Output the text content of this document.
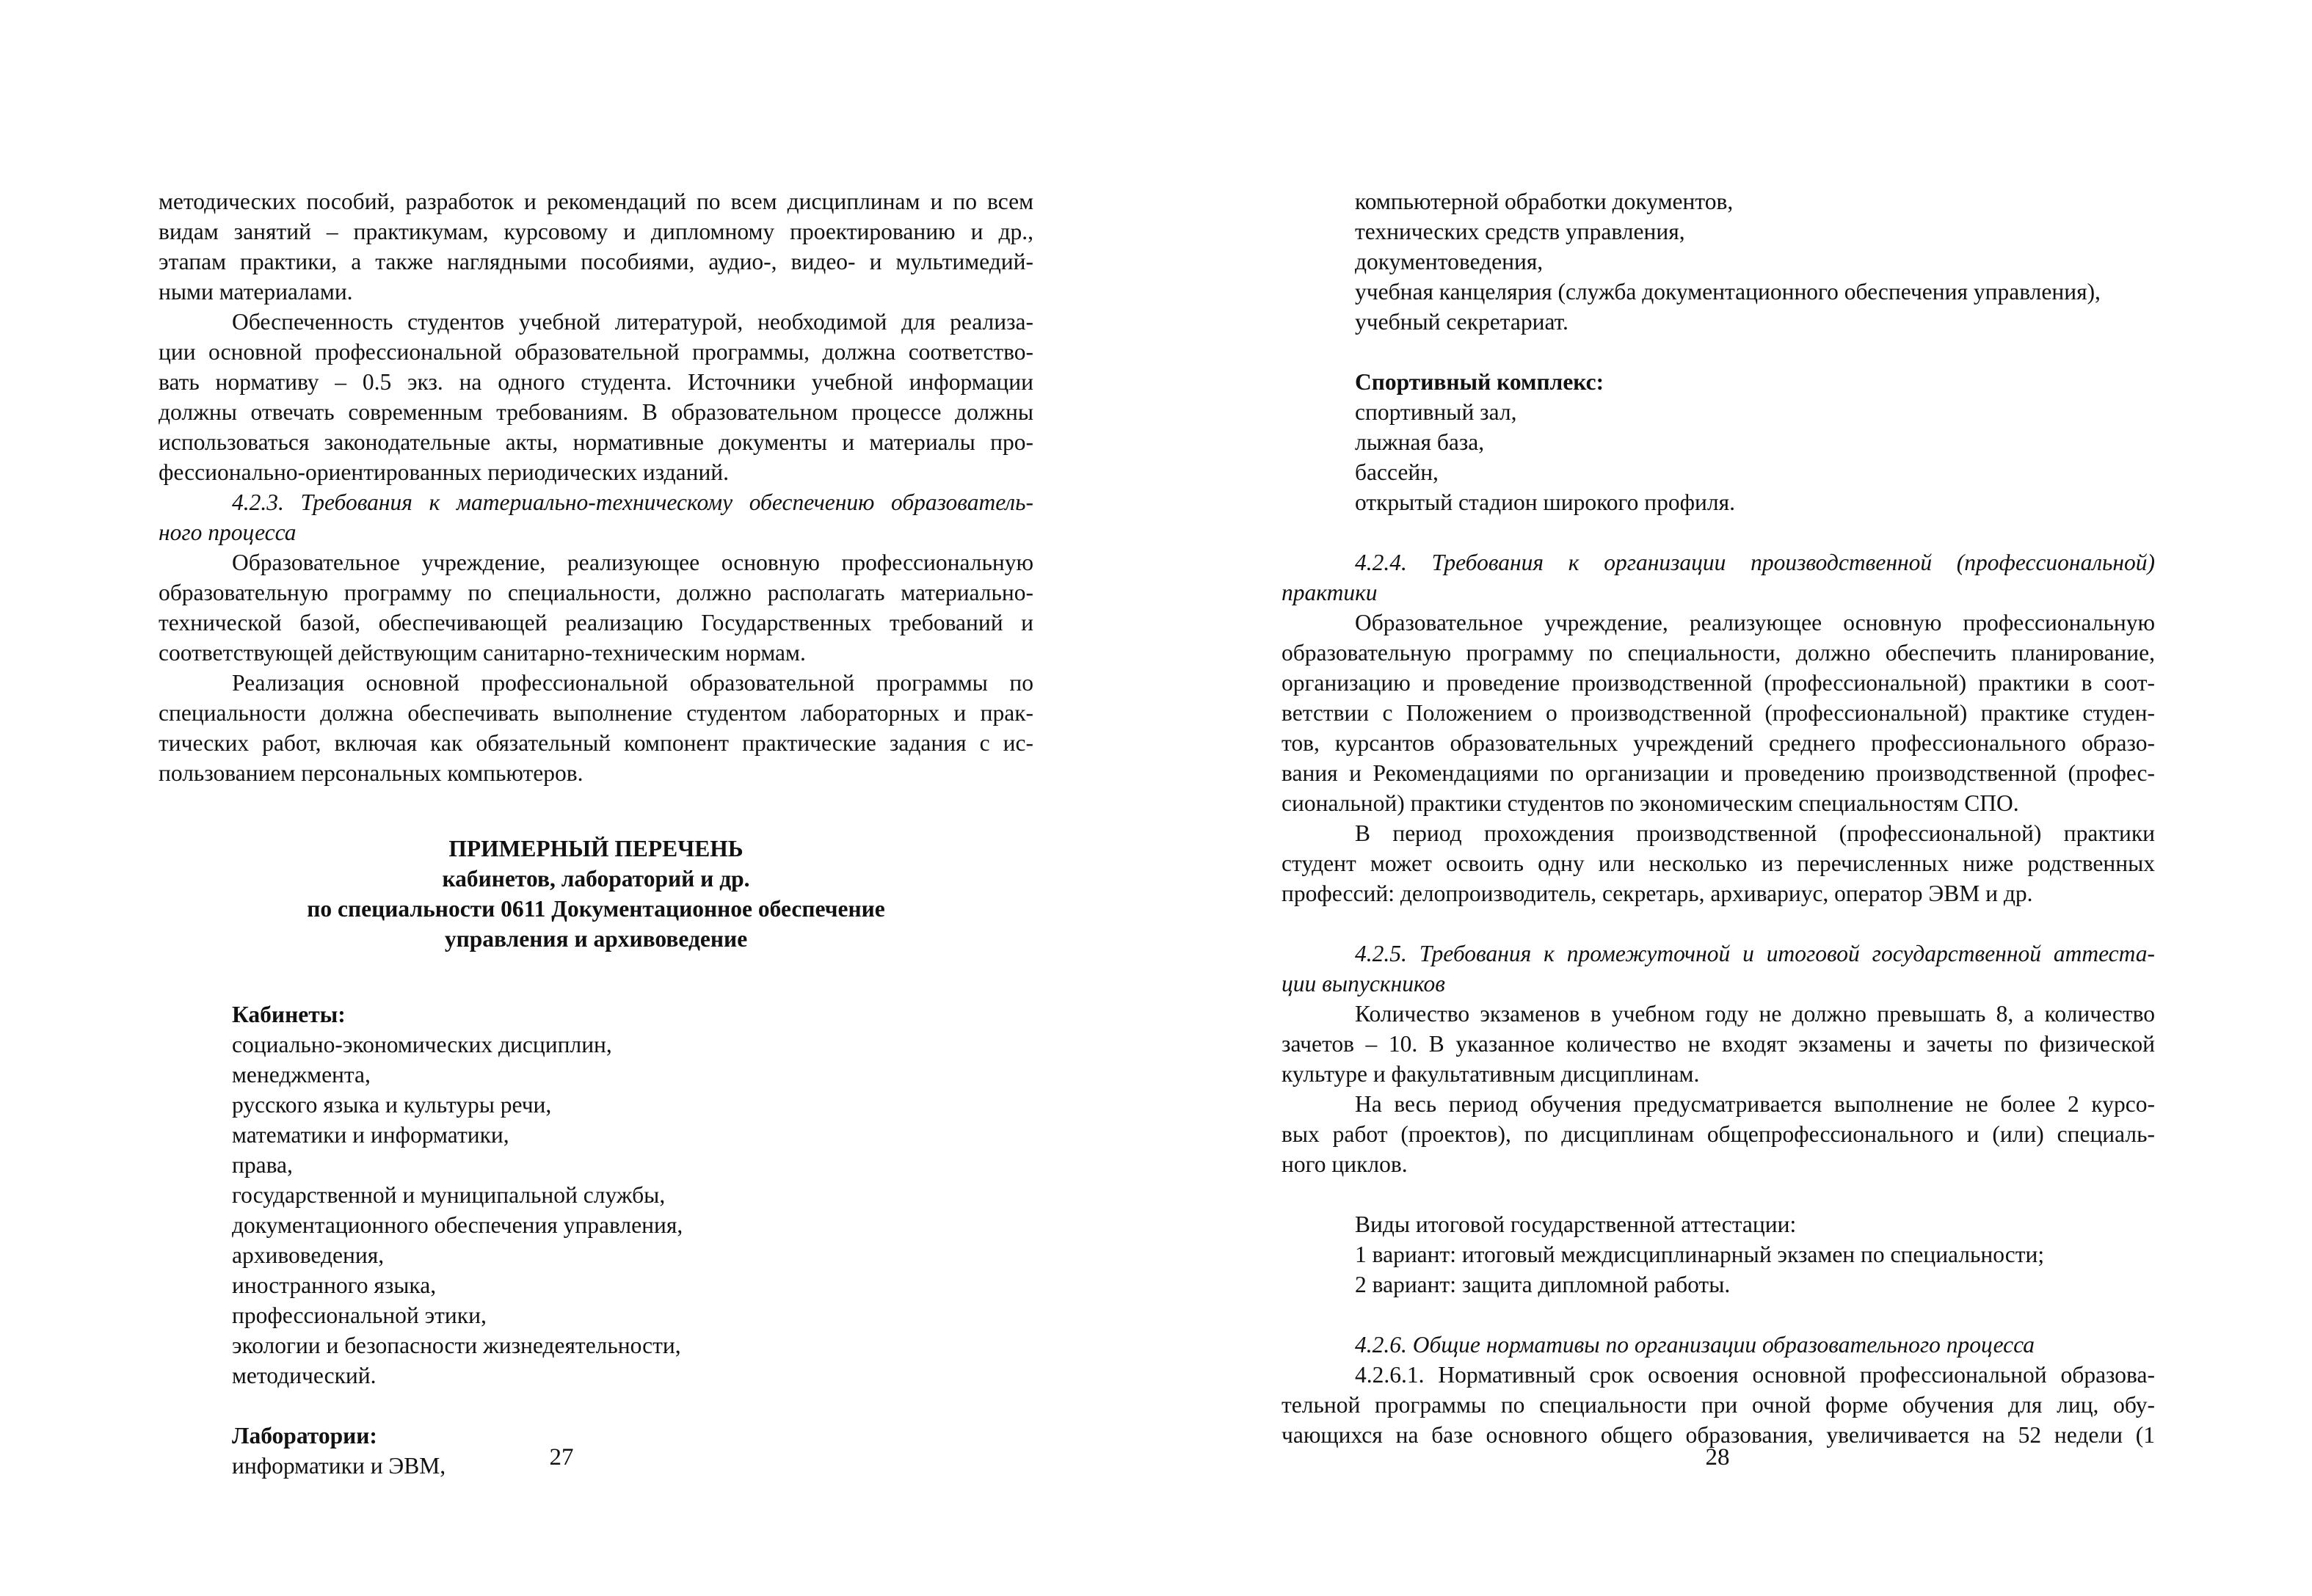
методических пособий, разработок и рекомендаций по всем дисциплинам и по всем

видам занятий – практикумам, курсовому и дипломному проектированию и др.,

этапам практики, а также наглядными пособиями, аудио-, видео- и мультимедий-

ными материалами.

Обеспеченность студентов учебной литературой, необходимой для реализа-

ции основной профессиональной образовательной программы, должна соответство-

вать нормативу – 0.5 экз. на одного студента. Источники учебной информации

должны отвечать современным требованиям. В образовательном процессе должны

использоваться законодательные акты, нормативные документы и материалы про-

фессионально-ориентированных периодических изданий.

4.2.3. Требования к материально-техническому обеспечению образователь-

ного процесса

Образовательное учреждение, реализующее основную профессиональную

образовательную программу по специальности, должно располагать материально-

технической базой, обеспечивающей реализацию Государственных требований и

соответствующей действующим санитарно-техническим нормам.

Реализация основной профессиональной образовательной программы по

специальности должна обеспечивать выполнение студентом лабораторных и прак-

тических работ, включая как обязательный компонент практические задания с ис-

пользованием персональных компьютеров.

ПРИМЕРНЫЙ ПЕРЕЧЕНЬ

кабинетов, лабораторий и др.

по специальности 0611 Документационное обеспечение

управления и архивоведение

Кабинеты:

социально-экономических дисциплин,

менеджмента,

русского языка и культуры речи,

математики и информатики,

права,

государственной и муниципальной службы,

документационного обеспечения управления,

архивоведения,

иностранного языка,

профессиональной этики,

экологии и безопасности жизнедеятельности,

методический.

Лаборатории:

информатики и ЭВМ,	27

компьютерной обработки документов,

технических средств управления,

документоведения,

учебная канцелярия (служба документационного обеспечения управления),

учебный секретариат.

Спортивный комплекс:

спортивный зал,

лыжная база,

бассейн,

открытый стадион широкого профиля.

4.2.4. Требования к организации производственной (профессиональной)

практики

Образовательное учреждение, реализующее основную профессиональную

образовательную программу по специальности, должно обеспечить планирование,

организацию и проведение производственной (профессиональной) практики в соот-

ветствии с Положением о производственной (профессиональной) практике студен-

тов, курсантов образовательных учреждений среднего профессионального образо-

вания и Рекомендациями по организации и проведению производственной (профес-

сиональной) практики студентов по экономическим специальностям СПО.

В период прохождения производственной (профессиональной) практики

студент может освоить одну или несколько из перечисленных ниже родственных

профессий: делопроизводитель, секретарь, архивариус, оператор ЭВМ и др.

4.2.5. Требования к промежуточной и итоговой государственной аттеста-

ции выпускников

Количество экзаменов в учебном году не должно превышать 8, а количество

зачетов – 10. В указанное количество не входят экзамены и зачеты по физической

культуре и факультативным дисциплинам.

На весь период обучения предусматривается выполнение не более 2 курсо-

вых работ (проектов), по дисциплинам общепрофессионального и (или) специаль-

ного циклов.

Виды итоговой государственной аттестации:

1 вариант: итоговый междисциплинарный экзамен по специальности;

2 вариант: защита дипломной работы.

4.2.6. Общие нормативы по организации образовательного процесса

4.2.6.1. Нормативный срок освоения основной профессиональной образова-

тельной программы по специальности при очной форме обучения для лиц, обу-

чающихся на базе основного общего образования, увеличивается на 52 недели (1

28
